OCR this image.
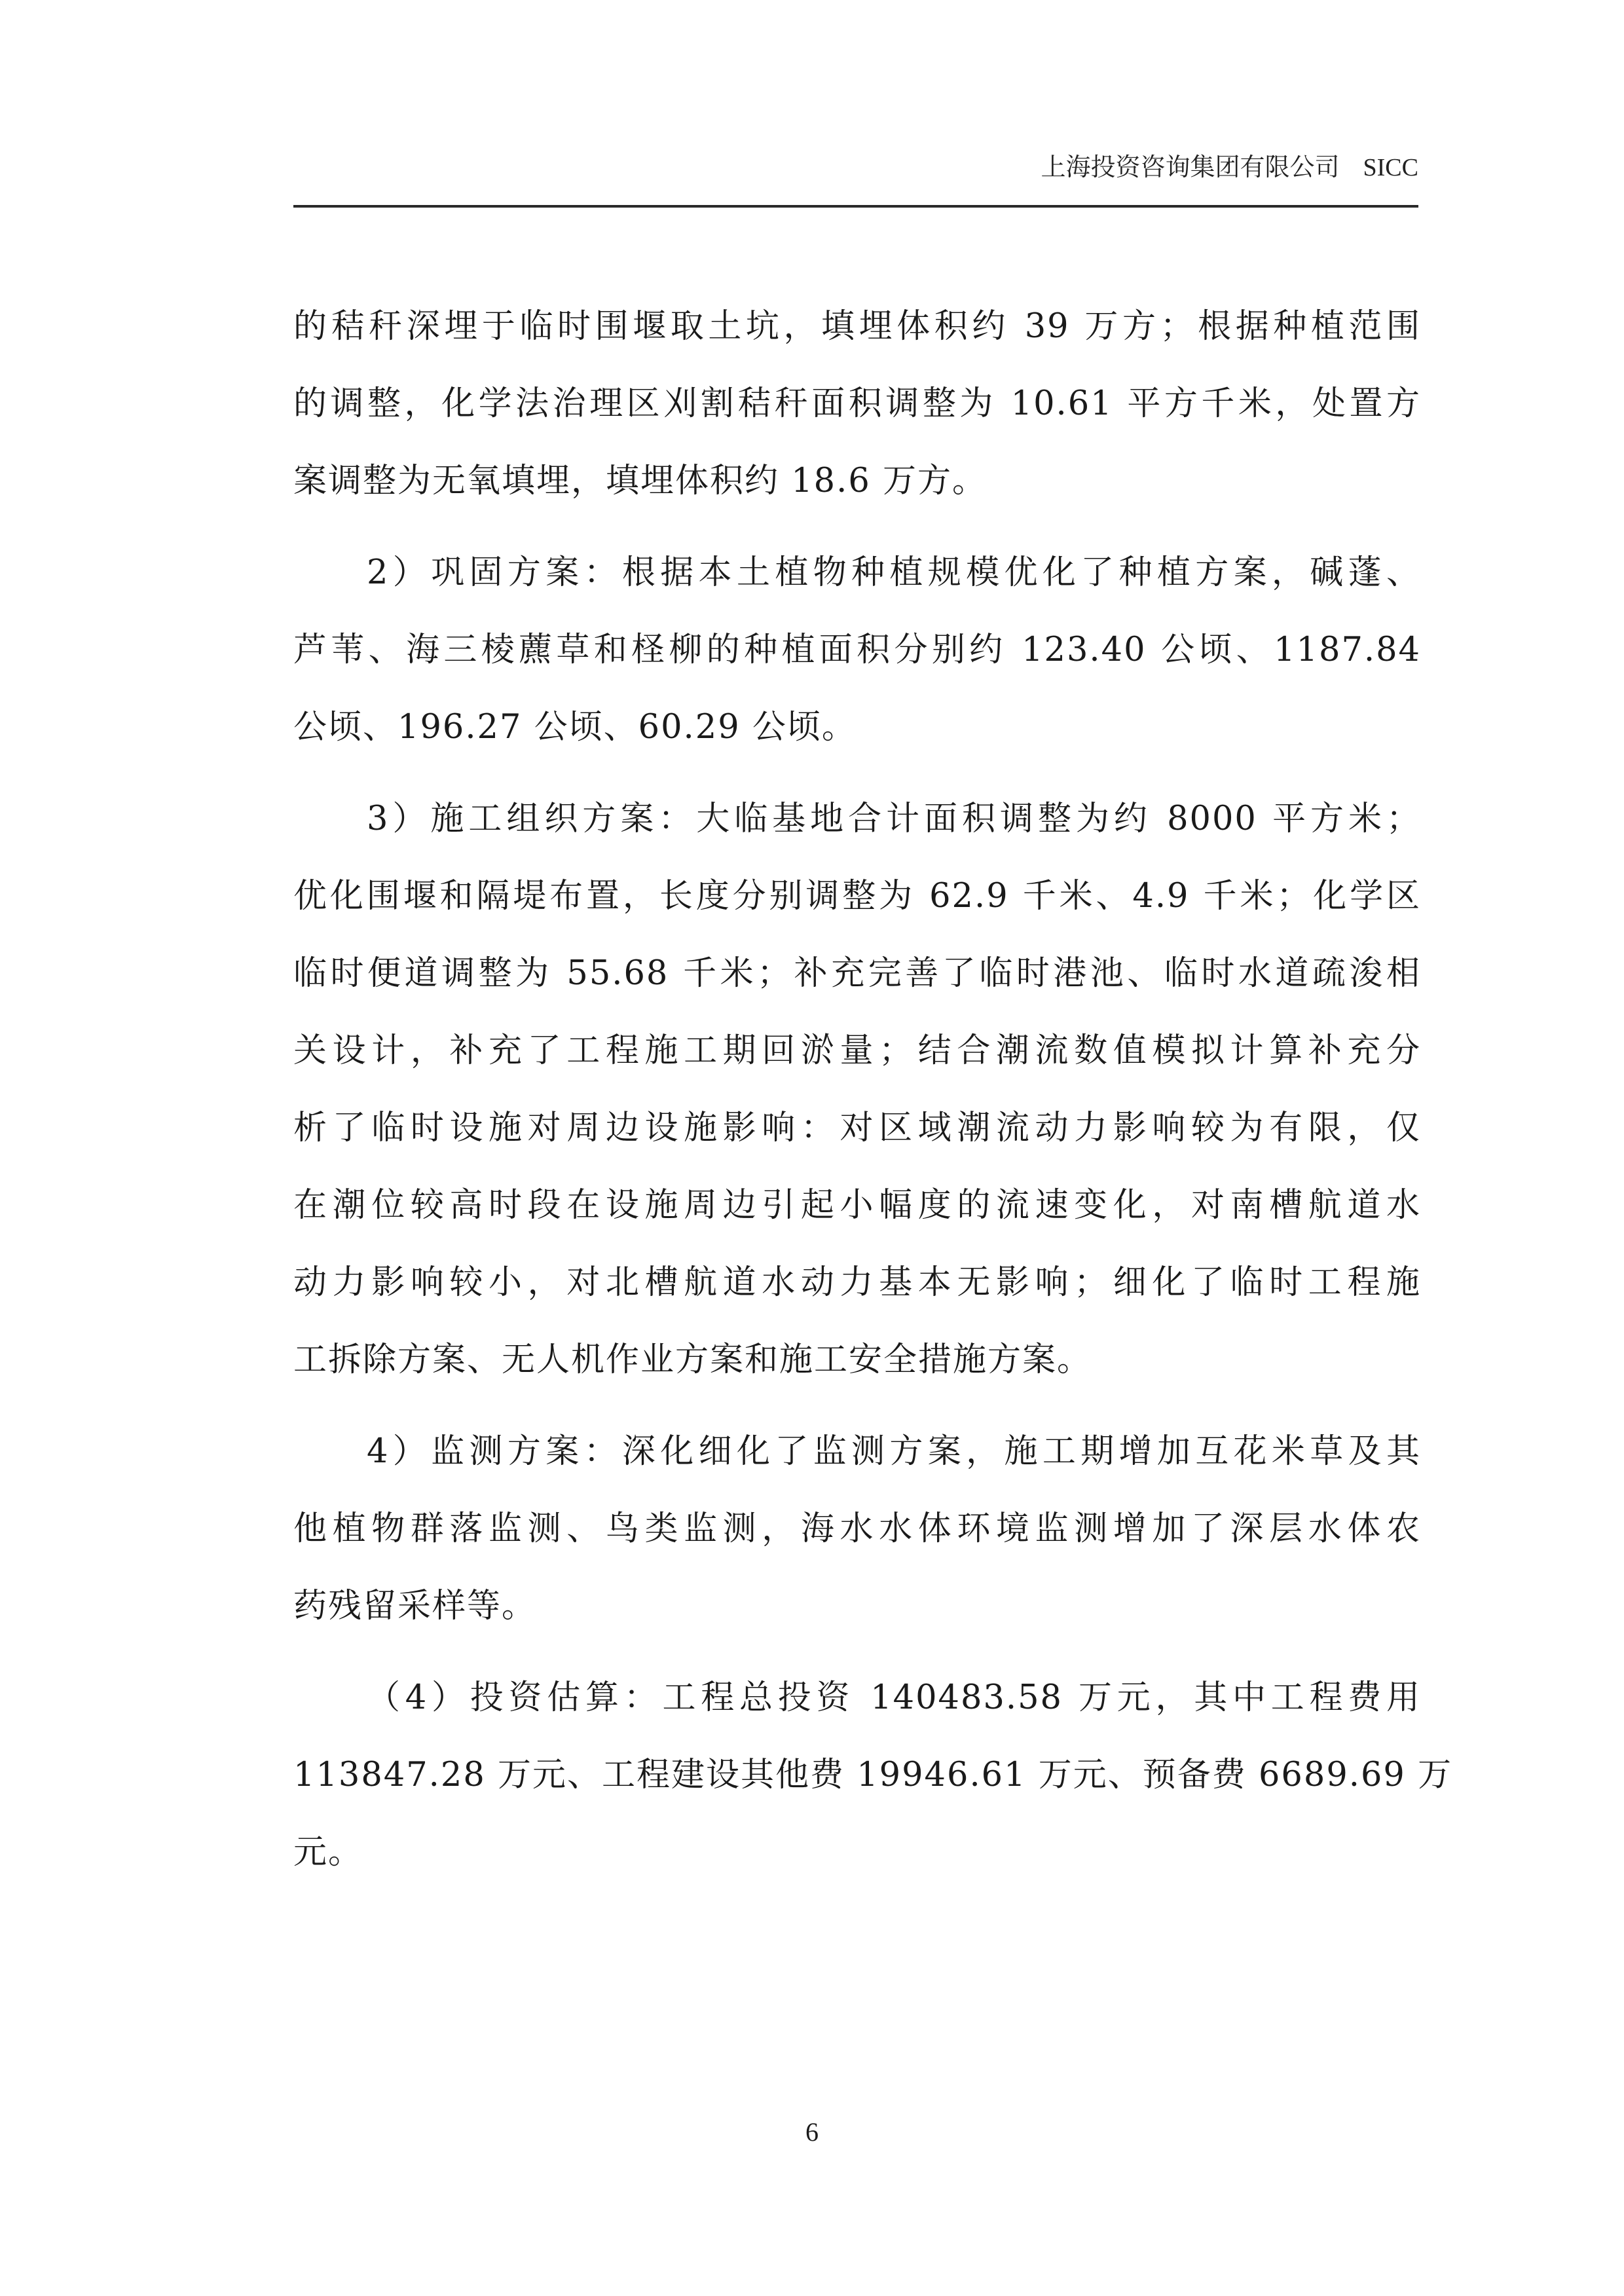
上海投资咨询集团有限公司 SICC
的秸秆深埋于临时围堰取土坑，填埋体积约 39 万方；根据种植范围
的调整，化学法治理区刈割秸秆面积调整为 10.61 平方千米，处置方
案调整为无氧填埋，填埋体积约 18.6 万方。
2）巩固方案：根据本土植物种植规模优化了种植方案，碱蓬、
芦苇、海三棱藨草和柽柳的种植面积分别约 123.40 公顷、1187.84
公顷、196.27 公顷、60.29 公顷。
3）施工组织方案：大临基地合计面积调整为约 8000 平方米；
优化围堰和隔堤布置，长度分别调整为 62.9 千米、4.9 千米；化学区
临时便道调整为 55.68 千米；补充完善了临时港池、临时水道疏浚相
关设计，补充了工程施工期回淤量；结合潮流数值模拟计算补充分
析了临时设施对周边设施影响：对区域潮流动力影响较为有限，仅
在潮位较高时段在设施周边引起小幅度的流速变化，对南槽航道水
动力影响较小，对北槽航道水动力基本无影响；细化了临时工程施
工拆除方案、无人机作业方案和施工安全措施方案。
4）监测方案：深化细化了监测方案，施工期增加互花米草及其
他植物群落监测、鸟类监测，海水水体环境监测增加了深层水体农
药残留采样等。
（4）投资估算：工程总投资 140483.58 万元，其中工程费用
113847.28 万元、工程建设其他费 19946.61 万元、预备费 6689.69 万
元。
6
